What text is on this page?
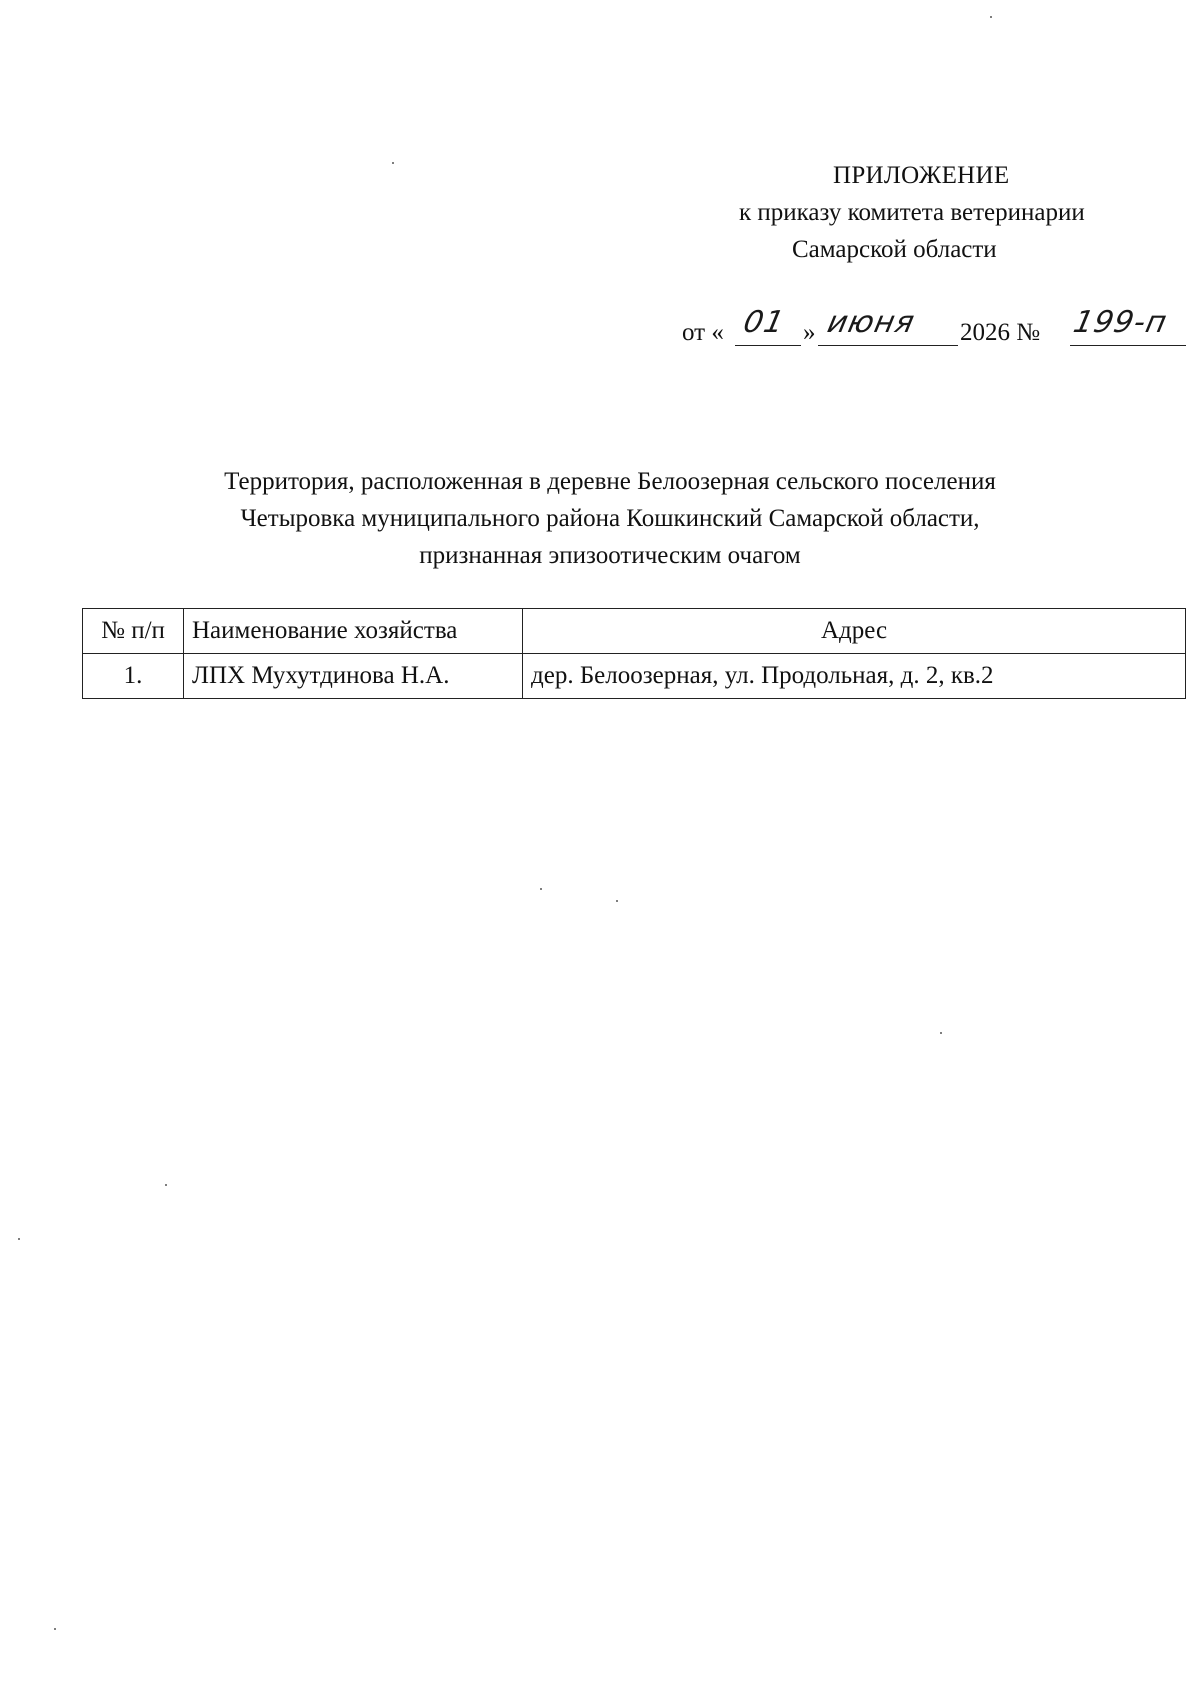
ПРИЛОЖЕНИЕ
к приказу комитета ветеринарии
Самарской области
от « 01 » июня 2026 № 199-п
Территория, расположенная в деревне Белоозерная сельского поселения
Четыровка муниципального района Кошкинский Самарской области,
признанная эпизоотическим очагом
№ п/п	Наименование хозяйства	Адрес
1.	ЛПХ Мухутдинова Н.А.	дер. Белоозерная, ул. Продольная, д. 2, кв.2
